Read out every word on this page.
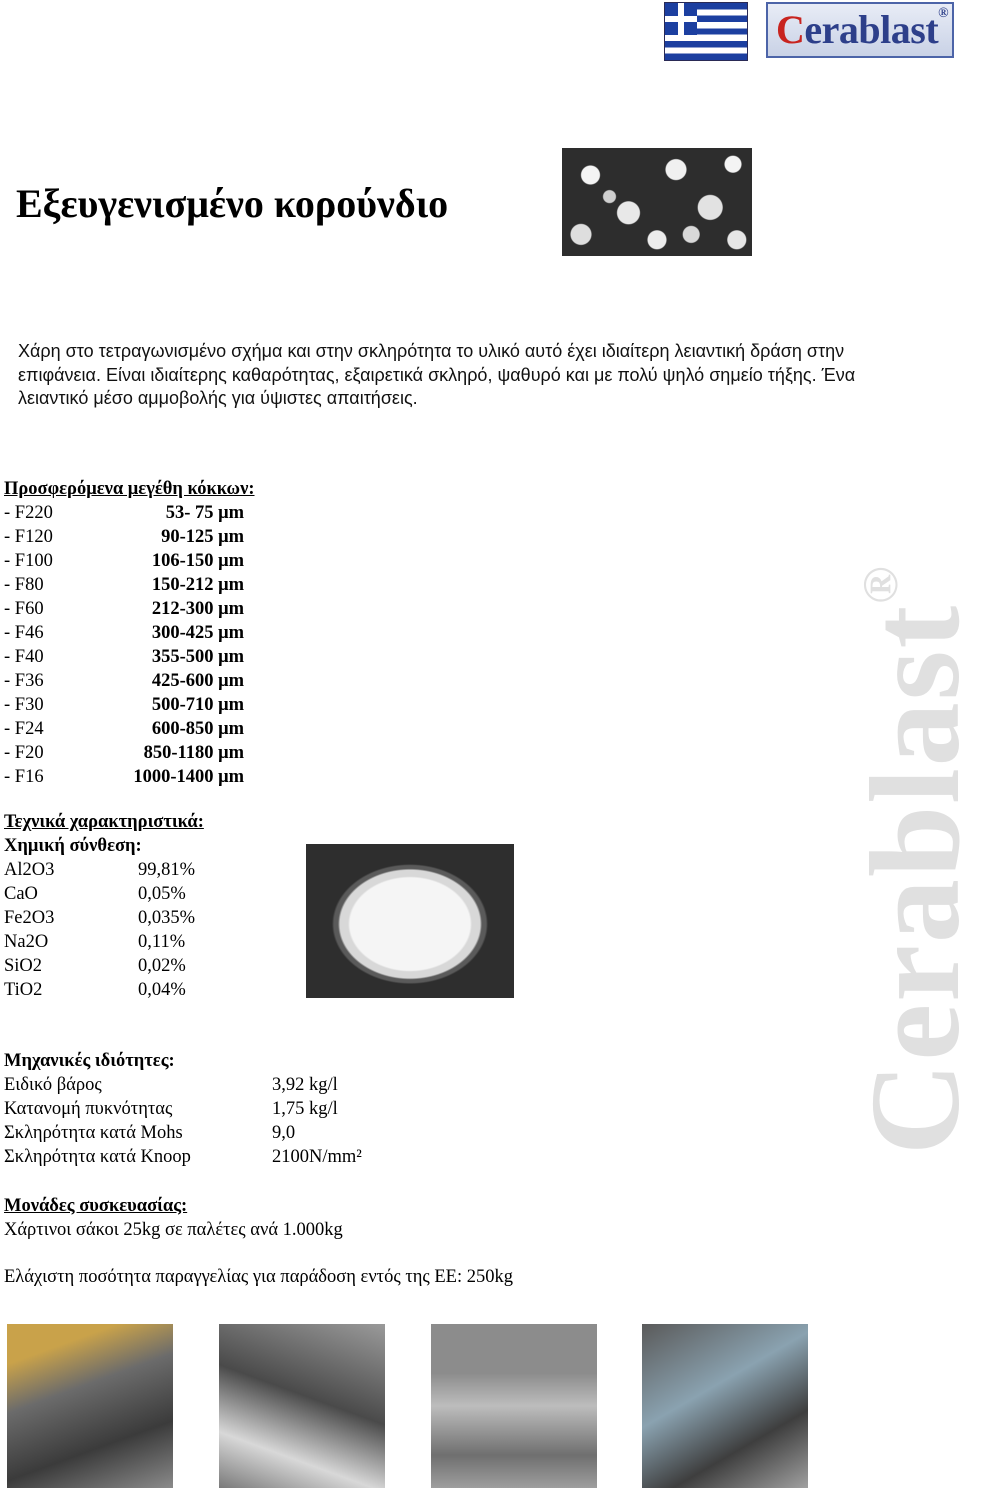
Cerablast®
Cerablast®
Εξευγενισμένο κορούνδιο
Χάρη στο τετραγωνισμένο σχήμα και στην σκληρότητα το υλικό αυτό έχει ιδιαίτερη λειαντική δράση στην επιφάνεια. Είναι ιδιαίτερης καθαρότητας, εξαιρετικά σκληρό, ψαθυρό και με πολύ ψηλό σημείο τήξης. Ένα λειαντικό μέσο αμμοβολής για ύψιστες απαιτήσεις.
Προσφερόμενα μεγέθη κόκκων:
- F220	53- 75 μm
- F120	90-125 μm
- F100	106-150 μm
- F80	150-212 μm
- F60	212-300 μm
- F46	300-425 μm
- F40	355-500 μm
- F36	425-600 μm
- F30	500-710 μm
- F24	600-850 μm
- F20	850-1180 μm
- F16	1000-1400 μm
Τεχνικά χαρακτηριστικά:
Χημική σύνθεση:
Al2O3	99,81%
CaO	0,05%
Fe2O3	0,035%
Na2O	0,11%
SiO2	0,02%
TiO2	0,04%
Μηχανικές ιδιότητες:
Ειδικό βάρος	3,92 kg/l
Κατανομή πυκνότητας	1,75 kg/l
Σκληρότητα κατά Mohs	9,0
Σκληρότητα κατά Knoop	2100N/mm²
Μονάδες συσκευασίας:
Χάρτινοι σάκοι 25kg σε παλέτες ανά 1.000kg
Ελάχιστη ποσότητα παραγγελίας για παράδοση εντός της ΕΕ: 250kg
